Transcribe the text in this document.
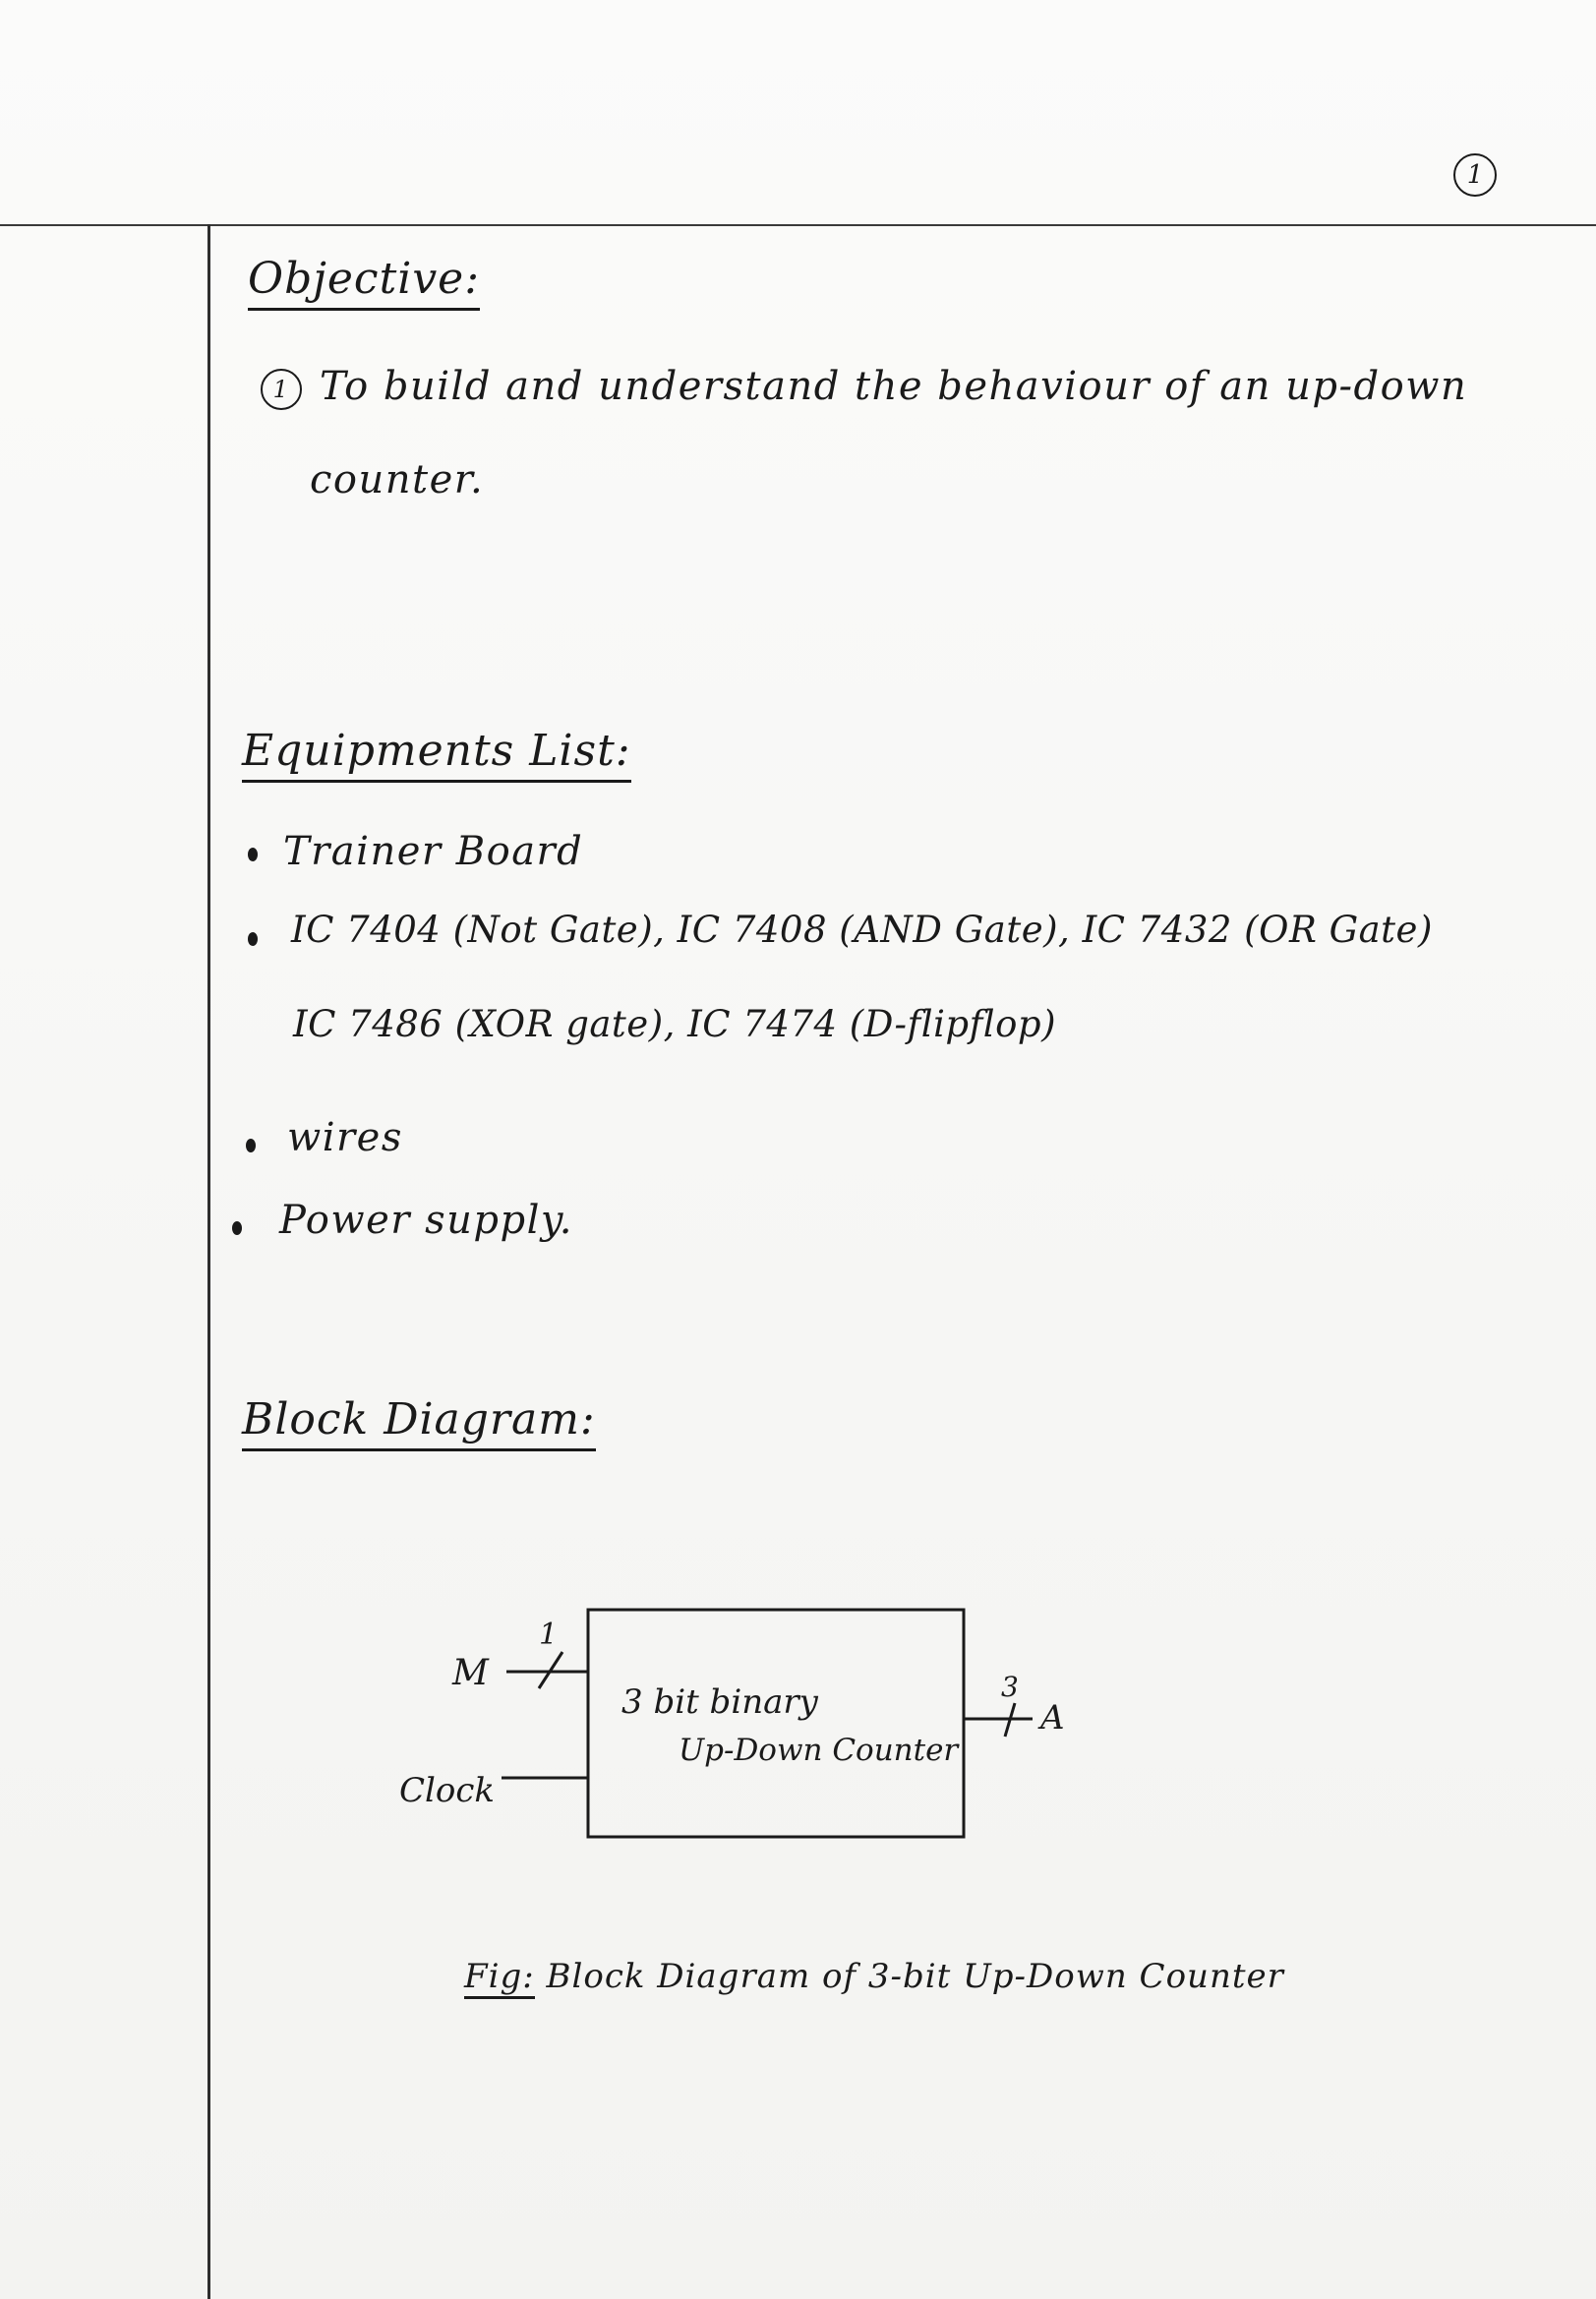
1
Objective:
1 To build and understand the behaviour of an up-down
counter.
Equipments List:
Trainer Board
IC 7404 (Not Gate), IC 7408 (AND Gate), IC 7432 (OR Gate)
IC 7486 (XOR gate), IC 7474 (D-flipflop)
wires
Power supply.
Block Diagram:
M
1
Clock
3 bit binary
Up-Down Counter
3
A
Fig: Block Diagram of 3-bit Up-Down Counter
